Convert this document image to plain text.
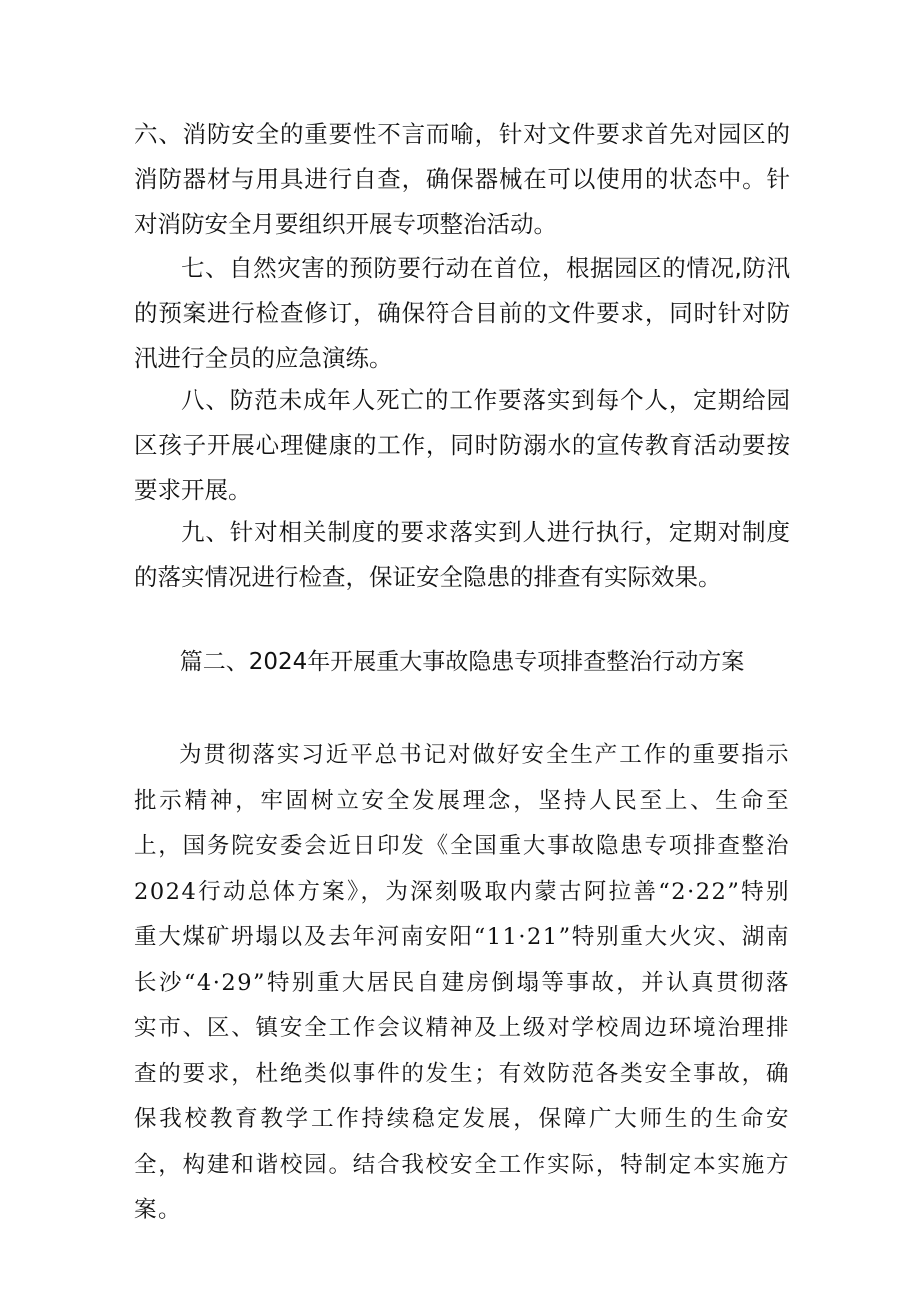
六、消防安全的重要性不言而喻，针对文件要求首先对园区的消防器材与用具进行自查，确保器械在可以使用的状态中。针对消防安全月要组织开展专项整治活动。

七、自然灾害的预防要行动在首位，根据园区的情况,防汛的预案进行检查修订，确保符合目前的文件要求，同时针对防汛进行全员的应急演练。

八、防范未成年人死亡的工作要落实到每个人，定期给园区孩子开展心理健康的工作，同时防溺水的宣传教育活动要按要求开展。

九、针对相关制度的要求落实到人进行执行，定期对制度的落实情况进行检查，保证安全隐患的排查有实际效果。

篇二、2024年开展重大事故隐患专项排查整治行动方案

为贯彻落实习近平总书记对做好安全生产工作的重要指示批示精神，牢固树立安全发展理念，坚持人民至上、生命至上，国务院安委会近日印发《全国重大事故隐患专项排查整治2024行动总体方案》，为深刻吸取内蒙古阿拉善“2·22”特别重大煤矿坍塌以及去年河南安阳“11·21”特别重大火灾、湖南长沙“4·29”特别重大居民自建房倒塌等事故，并认真贯彻落实市、区、镇安全工作会议精神及上级对学校周边环境治理排查的要求，杜绝类似事件的发生；有效防范各类安全事故，确保我校教育教学工作持续稳定发展，保障广大师生的生命安全，构建和谐校园。结合我校安全工作实际，特制定本实施方案。
